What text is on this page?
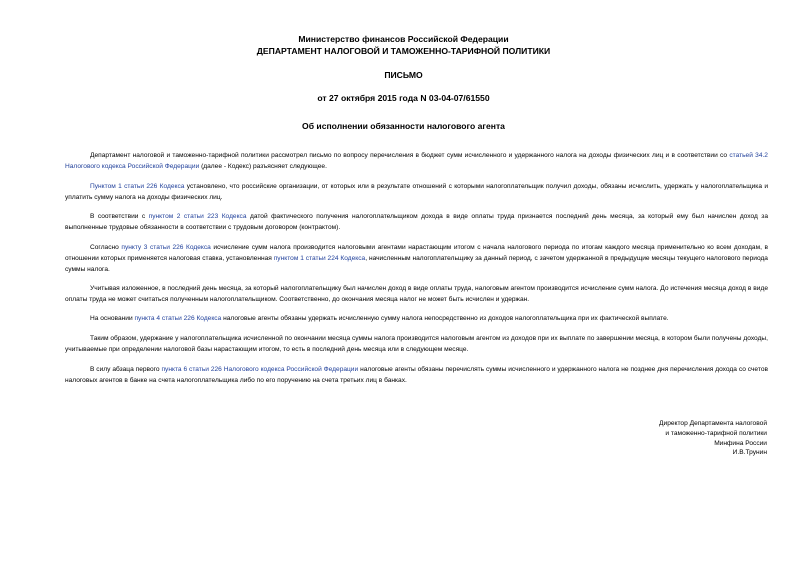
Министерство финансов Российской Федерации
ДЕПАРТАМЕНТ НАЛОГОВОЙ И ТАМОЖЕННО-ТАРИФНОЙ ПОЛИТИКИ
ПИСЬМО
от 27 октября 2015 года N 03-04-07/61550
Об исполнении обязанности налогового агента

Департамент налоговой и таможенно-тарифной политики рассмотрел письмо по вопросу перечисления в бюджет сумм исчисленного и удержанного налога на доходы физических лиц и в соответствии со статьей 34.2 Налогового кодекса Российской Федерации (далее - Кодекс) разъясняет следующее.

Пунктом 1 статьи 226 Кодекса установлено, что российские организации, от которых или в результате отношений с которыми налогоплательщик получил доходы, обязаны исчислить, удержать у налогоплательщика и уплатить сумму налога на доходы физических лиц.

В соответствии с пунктом 2 статьи 223 Кодекса датой фактического получения налогоплательщиком дохода в виде оплаты труда признается последний день месяца, за который ему был начислен доход за выполненные трудовые обязанности в соответствии с трудовым договором (контрактом).

Согласно пункту 3 статьи 226 Кодекса исчисление сумм налога производится налоговыми агентами нарастающим итогом с начала налогового периода по итогам каждого месяца применительно ко всем доходам, в отношении которых применяется налоговая ставка, установленная пунктом 1 статьи 224 Кодекса, начисленным налогоплательщику за данный период, с зачетом удержанной в предыдущие месяцы текущего налогового периода суммы налога.

Учитывая изложенное, в последний день месяца, за который налогоплательщику был начислен доход в виде оплаты труда, налоговым агентом производится исчисление сумм налога. До истечения месяца доход в виде оплаты труда не может считаться полученным налогоплательщиком. Соответственно, до окончания месяца налог не может быть исчислен и удержан.

На основании пункта 4 статьи 226 Кодекса налоговые агенты обязаны удержать исчисленную сумму налога непосредственно из доходов налогоплательщика при их фактической выплате.

Таким образом, удержание у налогоплательщика исчисленной по окончании месяца суммы налога производится налоговым агентом из доходов при их выплате по завершении месяца, в котором были получены доходы, учитываемые при определении налоговой базы нарастающим итогом, то есть в последний день месяца или в следующем месяце.

В силу абзаца первого пункта 6 статьи 226 Налогового кодекса Российской Федерации налоговые агенты обязаны перечислять суммы исчисленного и удержанного налога не позднее дня перечисления дохода со счетов налоговых агентов в банке на счета налогоплательщика либо по его поручению на счета третьих лиц в банках.

Директор Департамента налоговой
и таможенно-тарифной политики
Минфина России
И.В.Трунин
